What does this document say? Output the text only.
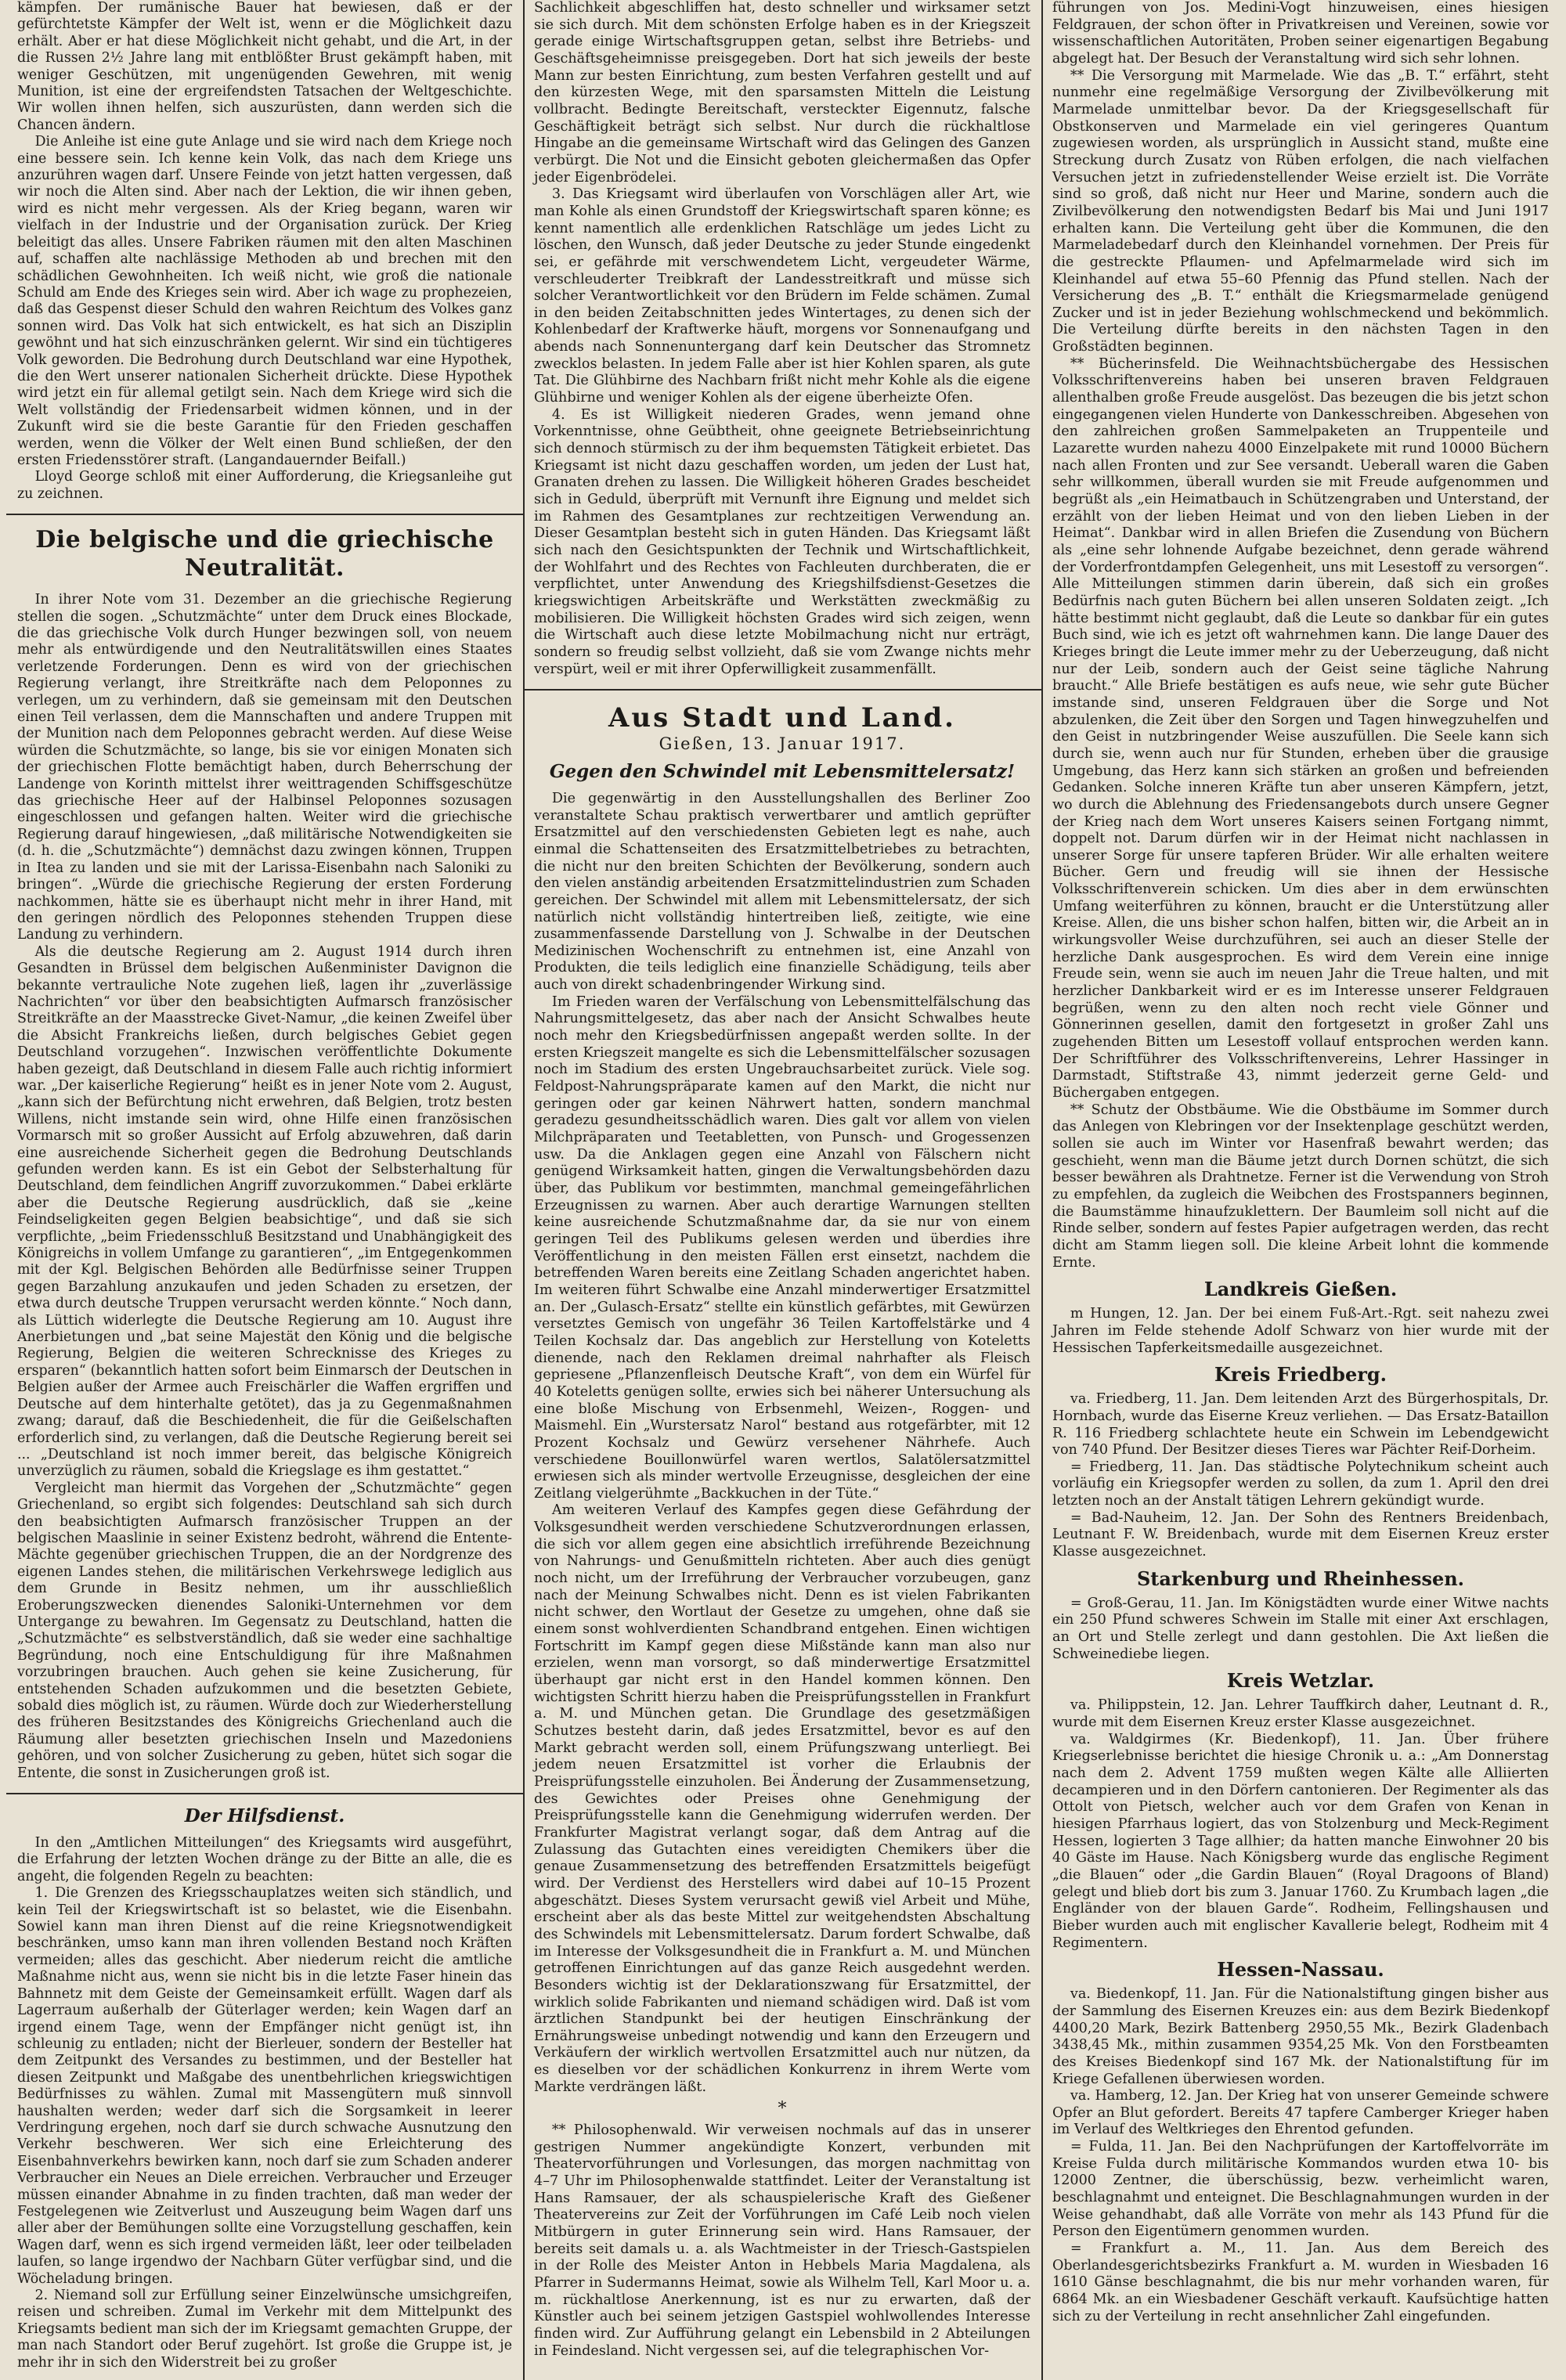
kämpfen. Der rumänische Bauer hat bewiesen, daß er der gefürchtetste Kämpfer der Welt ist, wenn er die Möglichkeit dazu erhält. Aber er hat diese Möglichkeit nicht gehabt, und die Art, in der die Russen 2½ Jahre lang mit entblößter Brust gekämpft haben, mit weniger Geschützen, mit ungenügenden Gewehren, mit wenig Munition, ist eine der ergreifendsten Tatsachen der Weltgeschichte. Wir wollen ihnen helfen, sich auszurüsten, dann werden sich die Chancen ändern.

Die Anleihe ist eine gute Anlage und sie wird nach dem Kriege noch eine bessere sein. Ich kenne kein Volk, das nach dem Kriege uns anzurühren wagen darf. Unsere Feinde von jetzt hatten vergessen, daß wir noch die Alten sind. Aber nach der Lektion, die wir ihnen geben, wird es nicht mehr vergessen. Als der Krieg begann, waren wir vielfach in der Industrie und der Organisation zurück. Der Krieg beleitigt das alles. Unsere Fabriken räumen mit den alten Maschinen auf, schaffen alte nachlässige Methoden ab und brechen mit den schädlichen Gewohnheiten. Ich weiß nicht, wie groß die nationale Schuld am Ende des Krieges sein wird. Aber ich wage zu prophezeien, daß das Gespenst dieser Schuld den wahren Reichtum des Volkes ganz sonnen wird. Das Volk hat sich entwickelt, es hat sich an Disziplin gewöhnt und hat sich einzuschränken gelernt. Wir sind ein tüchtigeres Volk geworden. Die Bedrohung durch Deutschland war eine Hypothek, die den Wert unserer nationalen Sicherheit drückte. Diese Hypothek wird jetzt ein für allemal getilgt sein. Nach dem Kriege wird sich die Welt vollständig der Friedensarbeit widmen können, und in der Zukunft wird sie die beste Garantie für den Frieden geschaffen werden, wenn die Völker der Welt einen Bund schließen, der den ersten Friedensstörer straft. (Langandauernder Beifall.)

Lloyd George schloß mit einer Aufforderung, die Kriegsanleihe gut zu zeichnen.

Die belgische und die griechische Neutralität.

In ihrer Note vom 31. Dezember an die griechische Regierung stellen die sogen. „Schutzmächte“ unter dem Druck eines Blockade, die das griechische Volk durch Hunger bezwingen soll, von neuem mehr als entwürdigende und den Neutralitätswillen eines Staates verletzende Forderungen. Denn es wird von der griechischen Regierung verlangt, ihre Streitkräfte nach dem Peloponnes zu verlegen, um zu verhindern, daß sie gemeinsam mit den Deutschen einen Teil verlassen, dem die Mannschaften und andere Truppen mit der Munition nach dem Peloponnes gebracht werden. Auf diese Weise würden die Schutzmächte, so lange, bis sie vor einigen Monaten sich der griechischen Flotte bemächtigt haben, durch Beherrschung der Landenge von Korinth mittelst ihrer weittragenden Schiffsgeschütze das griechische Heer auf der Halbinsel Peloponnes sozusagen eingeschlossen und gefangen halten. Weiter wird die griechische Regierung darauf hingewiesen, „daß militärische Notwendigkeiten sie (d. h. die „Schutzmächte“) demnächst dazu zwingen können, Truppen in Itea zu landen und sie mit der Larissa-Eisenbahn nach Saloniki zu bringen“. „Würde die griechische Regierung der ersten Forderung nachkommen, hätte sie es überhaupt nicht mehr in ihrer Hand, mit den geringen nördlich des Peloponnes stehenden Truppen diese Landung zu verhindern.

Als die deutsche Regierung am 2. August 1914 durch ihren Gesandten in Brüssel dem belgischen Außenminister Davignon die bekannte vertrauliche Note zugehen ließ, lagen ihr „zuverlässige Nachrichten“ vor über den beabsichtigten Aufmarsch französischer Streitkräfte an der Maasstrecke Givet-Namur, „die keinen Zweifel über die Absicht Frankreichs ließen, durch belgisches Gebiet gegen Deutschland vorzugehen“. Inzwischen veröffentlichte Dokumente haben gezeigt, daß Deutschland in diesem Falle auch richtig informiert war. „Der kaiserliche Regierung“ heißt es in jener Note vom 2. August, „kann sich der Befürchtung nicht erwehren, daß Belgien, trotz besten Willens, nicht imstande sein wird, ohne Hilfe einen französischen Vormarsch mit so großer Aussicht auf Erfolg abzuwehren, daß darin eine ausreichende Sicherheit gegen die Bedrohung Deutschlands gefunden werden kann. Es ist ein Gebot der Selbsterhaltung für Deutschland, dem feindlichen Angriff zuvorzukommen.“ Dabei erklärte aber die Deutsche Regierung ausdrücklich, daß sie „keine Feindseligkeiten gegen Belgien beabsichtige“, und daß sie sich verpflichte, „beim Friedensschluß Besitzstand und Unabhängigkeit des Königreichs in vollem Umfange zu garantieren“, „im Entgegenkommen mit der Kgl. Belgischen Behörden alle Bedürfnisse seiner Truppen gegen Barzahlung anzukaufen und jeden Schaden zu ersetzen, der etwa durch deutsche Truppen verursacht werden könnte.“ Noch dann, als Lüttich widerlegte die Deutsche Regierung am 10. August ihre Anerbietungen und „bat seine Majestät den König und die belgische Regierung, Belgien die weiteren Schrecknisse des Krieges zu ersparen“ (bekanntlich hatten sofort beim Einmarsch der Deutschen in Belgien außer der Armee auch Freischärler die Waffen ergriffen und Deutsche auf dem hinterhalte getötet), das ja zu Gegenmaßnahmen zwang; darauf, daß die Beschiedenheit, die für die Geißelschaften erforderlich sind, zu verlangen, daß die Deutsche Regierung bereit sei ... „Deutschland ist noch immer bereit, das belgische Königreich unverzüglich zu räumen, sobald die Kriegslage es ihm gestattet.“

Vergleicht man hiermit das Vorgehen der „Schutzmächte“ gegen Griechenland, so ergibt sich folgendes: Deutschland sah sich durch den beabsichtigten Aufmarsch französischer Truppen an der belgischen Maaslinie in seiner Existenz bedroht, während die Entente-Mächte gegenüber griechischen Truppen, die an der Nordgrenze des eigenen Landes stehen, die militärischen Verkehrswege lediglich aus dem Grunde in Besitz nehmen, um ihr ausschließlich Eroberungszwecken dienendes Saloniki-Unternehmen vor dem Untergange zu bewahren. Im Gegensatz zu Deutschland, hatten die „Schutzmächte“ es selbstverständlich, daß sie weder eine sachhaltige Begründung, noch eine Entschuldigung für ihre Maßnahmen vorzubringen brauchen. Auch gehen sie keine Zusicherung, für entstehenden Schaden aufzukommen und die besetzten Gebiete, sobald dies möglich ist, zu räumen. Würde doch zur Wiederherstellung des früheren Besitzstandes des Königreichs Griechenland auch die Räumung aller besetzten griechischen Inseln und Mazedoniens gehören, und von solcher Zusicherung zu geben, hütet sich sogar die Entente, die sonst in Zusicherungen groß ist.

Der Hilfsdienst.

In den „Amtlichen Mitteilungen“ des Kriegsamts wird ausgeführt, die Erfahrung der letzten Wochen dränge zu der Bitte an alle, die es angeht, die folgenden Regeln zu beachten:

1. Die Grenzen des Kriegsschauplatzes weiten sich ständlich, und kein Teil der Kriegswirtschaft ist so belastet, wie die Eisenbahn. Sowiel kann man ihren Dienst auf die reine Kriegsnotwendigkeit beschränken, umso kann man ihren vollenden Bestand noch Kräften vermeiden; alles das geschicht. Aber niederum reicht die amtliche Maßnahme nicht aus, wenn sie nicht bis in die letzte Faser hinein das Bahnnetz mit dem Geiste der Gemeinsamkeit erfüllt. Wagen darf als Lagerraum außerhalb der Güterlager werden; kein Wagen darf an irgend einem Tage, wenn der Empfänger nicht genügt ist, ihn schleunig zu entladen; nicht der Bierleuer, sondern der Besteller hat dem Zeitpunkt des Versandes zu bestimmen, und der Besteller hat diesen Zeitpunkt und Maßgabe des unentbehrlichen kriegswichtigen Bedürfnisses zu wählen. Zumal mit Massengütern muß sinnvoll haushalten werden; weder darf sich die Sorgsamkeit in leerer Verdringung ergehen, noch darf sie durch schwache Ausnutzung den Verkehr beschweren. Wer sich eine Erleichterung des Eisenbahnverkehrs bewirken kann, noch darf sie zum Schaden anderer Verbraucher ein Neues an Diele erreichen. Verbraucher und Erzeuger müssen einander Abnahme in zu finden trachten, daß man weder der Festgelegenen wie Zeitverlust und Auszeugung beim Wagen darf uns aller aber der Bemühungen sollte eine Vorzugstellung geschaffen, kein Wagen darf, wenn es sich irgend vermeiden läßt, leer oder teilbeladen laufen, so lange irgendwo der Nachbarn Güter verfügbar sind, und die Wöcheladung bringen.

2. Niemand soll zur Erfüllung seiner Einzelwünsche umsichgreifen, reisen und schreiben. Zumal im Verkehr mit dem Mittelpunkt des Kriegsamts bedient man sich der im Kriegsamt gemachten Gruppe, der man nach Standort oder Beruf zugehört. Ist große die Gruppe ist, je mehr ihr in sich den Widerstreit bei zu großer

Sachlichkeit abgeschliffen hat, desto schneller und wirksamer setzt sie sich durch. Mit dem schönsten Erfolge haben es in der Kriegszeit gerade einige Wirtschaftsgruppen getan, selbst ihre Betriebs- und Geschäftsgeheimnisse preisgegeben. Dort hat sich jeweils der beste Mann zur besten Einrichtung, zum besten Verfahren gestellt und auf den kürzesten Wege, mit den sparsamsten Mitteln die Leistung vollbracht. Bedingte Bereitschaft, versteckter Eigennutz, falsche Geschäftigkeit beträgt sich selbst. Nur durch die rückhaltlose Hingabe an die gemeinsame Wirtschaft wird das Gelingen des Ganzen verbürgt. Die Not und die Einsicht geboten gleichermaßen das Opfer jeder Eigenbrödelei.

3. Das Kriegsamt wird überlaufen von Vorschlägen aller Art, wie man Kohle als einen Grundstoff der Kriegswirtschaft sparen könne; es kennt namentlich alle erdenklichen Ratschläge um jedes Licht zu löschen, den Wunsch, daß jeder Deutsche zu jeder Stunde eingedenkt sei, er gefährde mit verschwendetem Licht, vergeudeter Wärme, verschleuderter Treibkraft der Landesstreitkraft und müsse sich solcher Verantwortlichkeit vor den Brüdern im Felde schämen. Zumal in den beiden Zeitabschnitten jedes Wintertages, zu denen sich der Kohlenbedarf der Kraftwerke häuft, morgens vor Sonnenaufgang und abends nach Sonnenuntergang darf kein Deutscher das Stromnetz zwecklos belasten. In jedem Falle aber ist hier Kohlen sparen, als gute Tat. Die Glühbirne des Nachbarn frißt nicht mehr Kohle als die eigene Glühbirne und weniger Kohlen als der eigene überheizte Ofen.

4. Es ist Willigkeit niederen Grades, wenn jemand ohne Vorkenntnisse, ohne Geübtheit, ohne geeignete Betriebseinrichtung sich dennoch stürmisch zu der ihm bequemsten Tätigkeit erbietet. Das Kriegsamt ist nicht dazu geschaffen worden, um jeden der Lust hat, Granaten drehen zu lassen. Die Willigkeit höheren Grades bescheidet sich in Geduld, überprüft mit Vernunft ihre Eignung und meldet sich im Rahmen des Gesamtplanes zur rechtzeitigen Verwendung an. Dieser Gesamtplan besteht sich in guten Händen. Das Kriegsamt läßt sich nach den Gesichtspunkten der Technik und Wirtschaftlichkeit, der Wohlfahrt und des Rechtes von Fachleuten durchberaten, die er verpflichtet, unter Anwendung des Kriegshilfsdienst-Gesetzes die kriegswichtigen Arbeitskräfte und Werkstätten zweckmäßig zu mobilisieren. Die Willigkeit höchsten Grades wird sich zeigen, wenn die Wirtschaft auch diese letzte Mobilmachung nicht nur erträgt, sondern so freudig selbst vollzieht, daß sie vom Zwange nichts mehr verspürt, weil er mit ihrer Opferwilligkeit zusammenfällt.

Aus Stadt und Land.
Gießen, 13. Januar 1917.
Gegen den Schwindel mit Lebensmittelersatz!

Die gegenwärtig in den Ausstellungshallen des Berliner Zoo veranstaltete Schau praktisch verwertbarer und amtlich geprüfter Ersatzmittel auf den verschiedensten Gebieten legt es nahe, auch einmal die Schattenseiten des Ersatzmittelbetriebes zu betrachten, die nicht nur den breiten Schichten der Bevölkerung, sondern auch den vielen anständig arbeitenden Ersatzmittelindustrien zum Schaden gereichen. Der Schwindel mit allem mit Lebensmittelersatz, der sich natürlich nicht vollständig hintertreiben ließ, zeitigte, wie eine zusammenfassende Darstellung von J. Schwalbe in der Deutschen Medizinischen Wochenschrift zu entnehmen ist, eine Anzahl von Produkten, die teils lediglich eine finanzielle Schädigung, teils aber auch von direkt schadenbringender Wirkung sind.

Im Frieden waren der Verfälschung von Lebensmittelfälschung das Nahrungsmittelgesetz, das aber nach der Ansicht Schwalbes heute noch mehr den Kriegsbedürfnissen angepaßt werden sollte. In der ersten Kriegszeit mangelte es sich die Lebensmittelfälscher sozusagen noch im Stadium des ersten Ungebrauchsarbeitet zurück. Viele sog. Feldpost-Nahrungspräparate kamen auf den Markt, die nicht nur geringen oder gar keinen Nährwert hatten, sondern manchmal geradezu gesundheitsschädlich waren. Dies galt vor allem von vielen Milchpräparaten und Teetabletten, von Punsch- und Grogessenzen usw. Da die Anklagen gegen eine Anzahl von Fälschern nicht genügend Wirksamkeit hatten, gingen die Verwaltungsbehörden dazu über, das Publikum vor bestimmten, manchmal gemeingefährlichen Erzeugnissen zu warnen. Aber auch derartige Warnungen stellten keine ausreichende Schutzmaßnahme dar, da sie nur von einem geringen Teil des Publikums gelesen werden und überdies ihre Veröffentlichung in den meisten Fällen erst einsetzt, nachdem die betreffenden Waren bereits eine Zeitlang Schaden angerichtet haben. Im weiteren führt Schwalbe eine Anzahl minderwertiger Ersatzmittel an. Der „Gulasch-Ersatz“ stellte ein künstlich gefärbtes, mit Gewürzen versetztes Gemisch von ungefähr 36 Teilen Kartoffelstärke und 4 Teilen Kochsalz dar. Das angeblich zur Herstellung von Koteletts dienende, nach den Reklamen dreimal nahrhafter als Fleisch gepriesene „Pflanzenfleisch Deutsche Kraft“, von dem ein Würfel für 40 Koteletts genügen sollte, erwies sich bei näherer Untersuchung als eine bloße Mischung von Erbsenmehl, Weizen-, Roggen- und Maismehl. Ein „Wurstersatz Narol“ bestand aus rotgefärbter, mit 12 Prozent Kochsalz und Gewürz versehener Nährhefe. Auch verschiedene Bouillonwürfel waren wertlos, Salatölersatzmittel erwiesen sich als minder wertvolle Erzeugnisse, desgleichen der eine Zeitlang vielgerühmte „Backkuchen in der Tüte.“

Am weiteren Verlauf des Kampfes gegen diese Gefährdung der Volksgesundheit werden verschiedene Schutzverordnungen erlassen, die sich vor allem gegen eine absichtlich irreführende Bezeichnung von Nahrungs- und Genußmitteln richteten. Aber auch dies genügt noch nicht, um der Irreführung der Verbraucher vorzubeugen, ganz nach der Meinung Schwalbes nicht. Denn es ist vielen Fabrikanten nicht schwer, den Wortlaut der Gesetze zu umgehen, ohne daß sie einem sonst wohlverdienten Schandbrand entgehen. Einen wichtigen Fortschritt im Kampf gegen diese Mißstände kann man also nur erzielen, wenn man vorsorgt, so daß minderwertige Ersatzmittel überhaupt gar nicht erst in den Handel kommen können. Den wichtigsten Schritt hierzu haben die Preisprüfungsstellen in Frankfurt a. M. und München getan. Die Grundlage des gesetzmäßigen Schutzes besteht darin, daß jedes Ersatzmittel, bevor es auf den Markt gebracht werden soll, einem Prüfungszwang unterliegt. Bei jedem neuen Ersatzmittel ist vorher die Erlaubnis der Preisprüfungsstelle einzuholen. Bei Änderung der Zusammensetzung, des Gewichtes oder Preises ohne Genehmigung der Preisprüfungsstelle kann die Genehmigung widerrufen werden. Der Frankfurter Magistrat verlangt sogar, daß dem Antrag auf die Zulassung das Gutachten eines vereidigten Chemikers über die genaue Zusammensetzung des betreffenden Ersatzmittels beigefügt wird. Der Verdienst des Herstellers wird dabei auf 10–15 Prozent abgeschätzt. Dieses System verursacht gewiß viel Arbeit und Mühe, erscheint aber als das beste Mittel zur weitgehendsten Abschaltung des Schwindels mit Lebensmittelersatz. Darum fordert Schwalbe, daß im Interesse der Volksgesundheit die in Frankfurt a. M. und München getroffenen Einrichtungen auf das ganze Reich ausgedehnt werden. Besonders wichtig ist der Deklarationszwang für Ersatzmittel, der wirklich solide Fabrikanten und niemand schädigen wird. Daß ist vom ärztlichen Standpunkt bei der heutigen Einschränkung der Ernährungsweise unbedingt notwendig und kann den Erzeugern und Verkäufern der wirklich wertvollen Ersatzmittel auch nur nützen, da es dieselben vor der schädlichen Konkurrenz in ihrem Werte vom Markte verdrängen läßt.

*

** Philosophenwald. Wir verweisen nochmals auf das in unserer gestrigen Nummer angekündigte Konzert, verbunden mit Theatervorführungen und Vorlesungen, das morgen nachmittag von 4–7 Uhr im Philosophenwalde stattfindet. Leiter der Veranstaltung ist Hans Ramsauer, der als schauspielerische Kraft des Gießener Theatervereins zur Zeit der Vorführungen im Café Leib noch vielen Mitbürgern in guter Erinnerung sein wird. Hans Ramsauer, der bereits seit damals u. a. als Wachtmeister in der Triesch-Gastspielen in der Rolle des Meister Anton in Hebbels Maria Magdalena, als Pfarrer in Sudermanns Heimat, sowie als Wilhelm Tell, Karl Moor u. a. m. rückhaltlose Anerkennung, ist es nur zu erwarten, daß der Künstler auch bei seinem jetzigen Gastspiel wohlwollendes Interesse finden wird. Zur Aufführung gelangt ein Lebensbild in 2 Abteilungen in Feindesland. Nicht vergessen sei, auf die telegraphischen Vor-

führungen von Jos. Medini-Vogt hinzuweisen, eines hiesigen Feldgrauen, der schon öfter in Privatkreisen und Vereinen, sowie vor wissenschaftlichen Autoritäten, Proben seiner eigenartigen Begabung abgelegt hat. Der Besuch der Veranstaltung wird sich sehr lohnen.

** Die Versorgung mit Marmelade. Wie das „B. T.“ erfährt, steht nunmehr eine regelmäßige Versorgung der Zivilbevölkerung mit Marmelade unmittelbar bevor. Da der Kriegsgesellschaft für Obstkonserven und Marmelade ein viel geringeres Quantum zugewiesen worden, als ursprünglich in Aussicht stand, mußte eine Streckung durch Zusatz von Rüben erfolgen, die nach vielfachen Versuchen jetzt in zufriedenstellender Weise erzielt ist. Die Vorräte sind so groß, daß nicht nur Heer und Marine, sondern auch die Zivilbevölkerung den notwendigsten Bedarf bis Mai und Juni 1917 erhalten kann. Die Verteilung geht über die Kommunen, die den Marmeladebedarf durch den Kleinhandel vornehmen. Der Preis für die gestreckte Pflaumen- und Apfelmarmelade wird sich im Kleinhandel auf etwa 55–60 Pfennig das Pfund stellen. Nach der Versicherung des „B. T.“ enthält die Kriegsmarmelade genügend Zucker und ist in jeder Beziehung wohlschmeckend und bekömmlich. Die Verteilung dürfte bereits in den nächsten Tagen in den Großstädten beginnen.

** Bücherinsfeld. Die Weihnachtsbüchergabe des Hessischen Volksschriftenvereins haben bei unseren braven Feldgrauen allenthalben große Freude ausgelöst. Das bezeugen die bis jetzt schon eingegangenen vielen Hunderte von Dankesschreiben. Abgesehen von den zahlreichen großen Sammelpaketen an Truppenteile und Lazarette wurden nahezu 4000 Einzelpakete mit rund 10000 Büchern nach allen Fronten und zur See versandt. Ueberall waren die Gaben sehr willkommen, überall wurden sie mit Freude aufgenommen und begrüßt als „ein Heimatbauch in Schützengraben und Unterstand, der erzählt von der lieben Heimat und von den lieben Lieben in der Heimat“. Dankbar wird in allen Briefen die Zusendung von Büchern als „eine sehr lohnende Aufgabe bezeichnet, denn gerade während der Vorderfrontdampfen Gelegenheit, uns mit Lesestoff zu versorgen“. Alle Mitteilungen stimmen darin überein, daß sich ein großes Bedürfnis nach guten Büchern bei allen unseren Soldaten zeigt. „Ich hätte bestimmt nicht geglaubt, daß die Leute so dankbar für ein gutes Buch sind, wie ich es jetzt oft wahrnehmen kann. Die lange Dauer des Krieges bringt die Leute immer mehr zu der Ueberzeugung, daß nicht nur der Leib, sondern auch der Geist seine tägliche Nahrung braucht.“ Alle Briefe bestätigen es aufs neue, wie sehr gute Bücher imstande sind, unseren Feldgrauen über die Sorge und Not abzulenken, die Zeit über den Sorgen und Tagen hinwegzuhelfen und den Geist in nutzbringender Weise auszufüllen. Die Seele kann sich durch sie, wenn auch nur für Stunden, erheben über die grausige Umgebung, das Herz kann sich stärken an großen und befreienden Gedanken. Solche inneren Kräfte tun aber unseren Kämpfern, jetzt, wo durch die Ablehnung des Friedensangebots durch unsere Gegner der Krieg nach dem Wort unseres Kaisers seinen Fortgang nimmt, doppelt not. Darum dürfen wir in der Heimat nicht nachlassen in unserer Sorge für unsere tapferen Brüder. Wir alle erhalten weitere Bücher. Gern und freudig will sie ihnen der Hessische Volksschriftenverein schicken. Um dies aber in dem erwünschten Umfang weiterführen zu können, braucht er die Unterstützung aller Kreise. Allen, die uns bisher schon halfen, bitten wir, die Arbeit an in wirkungsvoller Weise durchzuführen, sei auch an dieser Stelle der herzliche Dank ausgesprochen. Es wird dem Verein eine innige Freude sein, wenn sie auch im neuen Jahr die Treue halten, und mit herzlicher Dankbarkeit wird er es im Interesse unserer Feldgrauen begrüßen, wenn zu den alten noch recht viele Gönner und Gönnerinnen gesellen, damit den fortgesetzt in großer Zahl uns zugehenden Bitten um Lesestoff vollauf entsprochen werden kann. Der Schriftführer des Volksschriftenvereins, Lehrer Hassinger in Darmstadt, Stiftstraße 43, nimmt jederzeit gerne Geld- und Büchergaben entgegen.

** Schutz der Obstbäume. Wie die Obstbäume im Sommer durch das Anlegen von Klebringen vor der Insektenplage geschützt werden, sollen sie auch im Winter vor Hasenfraß bewahrt werden; das geschieht, wenn man die Bäume jetzt durch Dornen schützt, die sich besser bewähren als Drahtnetze. Ferner ist die Verwendung von Stroh zu empfehlen, da zugleich die Weibchen des Frostspanners beginnen, die Baumstämme hinaufzuklettern. Der Baumleim soll nicht auf die Rinde selber, sondern auf festes Papier aufgetragen werden, das recht dicht am Stamm liegen soll. Die kleine Arbeit lohnt die kommende Ernte.

Landkreis Gießen.

m Hungen, 12. Jan. Der bei einem Fuß-Art.-Rgt. seit nahezu zwei Jahren im Felde stehende Adolf Schwarz von hier wurde mit der Hessischen Tapferkeitsmedaille ausgezeichnet.

Kreis Friedberg.

va. Friedberg, 11. Jan. Dem leitenden Arzt des Bürgerhospitals, Dr. Hornbach, wurde das Eiserne Kreuz verliehen. — Das Ersatz-Bataillon R. 116 Friedberg schlachtete heute ein Schwein im Lebendgewicht von 740 Pfund. Der Besitzer dieses Tieres war Pächter Reif-Dorheim.

= Friedberg, 11. Jan. Das städtische Polytechnikum scheint auch vorläufig ein Kriegsopfer werden zu sollen, da zum 1. April den drei letzten noch an der Anstalt tätigen Lehrern gekündigt wurde.

= Bad-Nauheim, 12. Jan. Der Sohn des Rentners Breidenbach, Leutnant F. W. Breidenbach, wurde mit dem Eisernen Kreuz erster Klasse ausgezeichnet.

Starkenburg und Rheinhessen.

= Groß-Gerau, 11. Jan. Im Königstädten wurde einer Witwe nachts ein 250 Pfund schweres Schwein im Stalle mit einer Axt erschlagen, an Ort und Stelle zerlegt und dann gestohlen. Die Axt ließen die Schweinediebe liegen.

Kreis Wetzlar.

va. Philippstein, 12. Jan. Lehrer Tauffkirch daher, Leutnant d. R., wurde mit dem Eisernen Kreuz erster Klasse ausgezeichnet.

va. Waldgirmes (Kr. Biedenkopf), 11. Jan. Über frühere Kriegserlebnisse berichtet die hiesige Chronik u. a.: „Am Donnerstag nach dem 2. Advent 1759 mußten wegen Kälte alle Alliierten decampieren und in den Dörfern cantonieren. Der Regimenter als das Ottolt von Pietsch, welcher auch vor dem Grafen von Kenan in hiesigen Pfarrhaus logiert, das von Stolzenburg und Meck-Regiment Hessen, logierten 3 Tage allhier; da hatten manche Einwohner 20 bis 40 Gäste im Hause. Nach Königsberg wurde das englische Regiment „die Blauen“ oder „die Gardin Blauen“ (Royal Dragoons of Bland) gelegt und blieb dort bis zum 3. Januar 1760. Zu Krumbach lagen „die Engländer von der blauen Garde“. Rodheim, Fellingshausen und Bieber wurden auch mit englischer Kavallerie belegt, Rodheim mit 4 Regimentern.

Hessen-Nassau.

va. Biedenkopf, 11. Jan. Für die Nationalstiftung gingen bisher aus der Sammlung des Eisernen Kreuzes ein: aus dem Bezirk Biedenkopf 4400,20 Mark, Bezirk Battenberg 2950,55 Mk., Bezirk Gladenbach 3438,45 Mk., mithin zusammen 9354,25 Mk. Von den Forstbeamten des Kreises Biedenkopf sind 167 Mk. der Nationalstiftung für im Kriege Gefallenen überwiesen worden.

va. Hamberg, 12. Jan. Der Krieg hat von unserer Gemeinde schwere Opfer an Blut gefordert. Bereits 47 tapfere Camberger Krieger haben im Verlauf des Weltkrieges den Ehrentod gefunden.

= Fulda, 11. Jan. Bei den Nachprüfungen der Kartoffelvorräte im Kreise Fulda durch militärische Kommandos wurden etwa 10- bis 12000 Zentner, die überschüssig, bezw. verheimlicht waren, beschlagnahmt und enteignet. Die Beschlagnahmungen wurden in der Weise gehandhabt, daß alle Vorräte von mehr als 143 Pfund für die Person den Eigentümern genommen wurden.

= Frankfurt a. M., 11. Jan. Aus dem Bereich des Oberlandesgerichtsbezirks Frankfurt a. M. wurden in Wiesbaden 16 1610 Gänse beschlagnahmt, die bis nur mehr vorhanden waren, für 6864 Mk. an ein Wiesbadener Geschäft verkauft. Kaufsüchtige hatten sich zu der Verteilung in recht ansehnlicher Zahl eingefunden.
